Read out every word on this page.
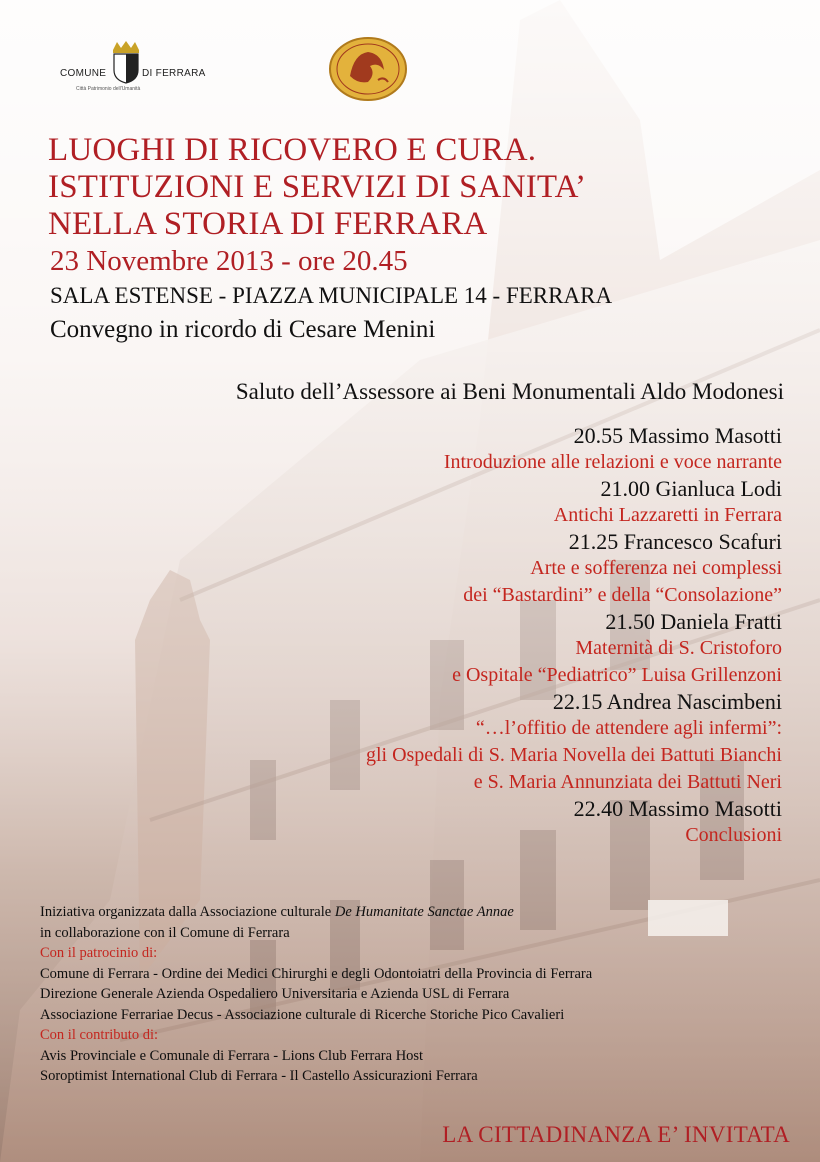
COMUNE	DI FERRARA
Città Patrimonio dell'Umanità
LUOGHI DI RICOVERO E CURA.
ISTITUZIONI E SERVIZI DI SANITA’
NELLA STORIA DI FERRARA
23 Novembre 2013 - ore 20.45
SALA ESTENSE - PIAZZA MUNICIPALE 14 - FERRARA
Convegno in ricordo di Cesare Menini
Saluto dell’Assessore ai Beni Monumentali Aldo Modonesi
20.55 Massimo Masotti
Introduzione alle relazioni e voce narrante
21.00 Gianluca Lodi
Antichi Lazzaretti in Ferrara
21.25 Francesco Scafuri
Arte e sofferenza nei complessi
dei “Bastardini” e della “Consolazione”
21.50 Daniela Fratti
Maternità di S. Cristoforo
e Ospitale “Pediatrico” Luisa Grillenzoni
22.15 Andrea Nascimbeni
“…l’offitio de attendere agli infermi”:
gli Ospedali di S. Maria Novella dei Battuti Bianchi
e S. Maria Annunziata dei Battuti Neri
22.40 Massimo Masotti
Conclusioni
Iniziativa organizzata dalla Associazione culturale De Humanitate Sanctae Annae
in collaborazione con il Comune di Ferrara
Con il patrocinio di:
Comune di Ferrara - Ordine dei Medici Chirurghi e degli Odontoiatri della Provincia di Ferrara
Direzione Generale Azienda Ospedaliero Universitaria e Azienda USL di Ferrara
Associazione Ferrariae Decus - Associazione culturale di Ricerche Storiche Pico Cavalieri
Con il contributo di:
Avis Provinciale e Comunale di Ferrara - Lions Club Ferrara Host
Soroptimist International Club di Ferrara - Il Castello Assicurazioni Ferrara
LA CITTADINANZA E’ INVITATA
